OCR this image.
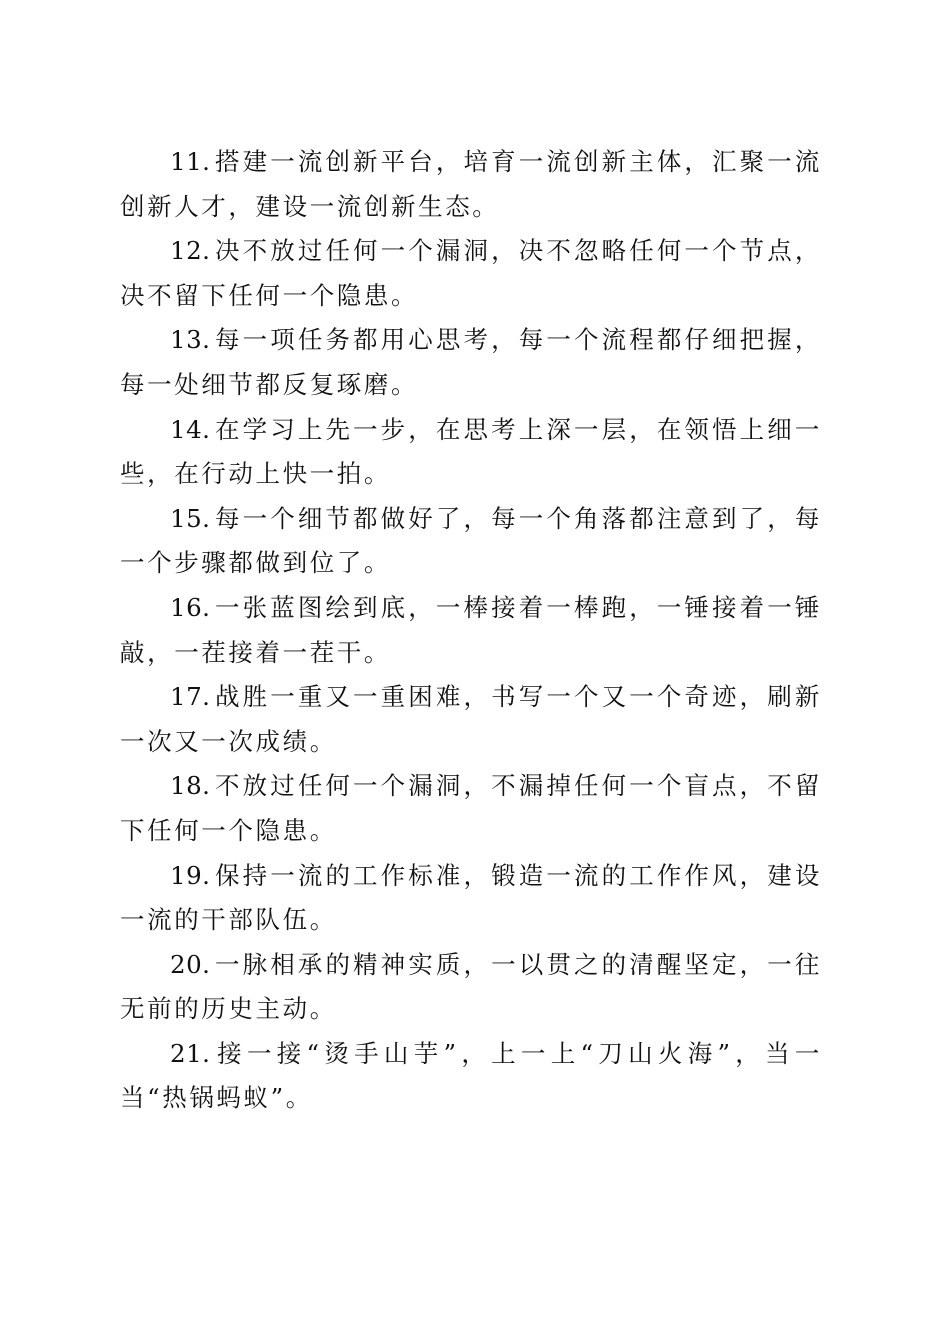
11. 搭建一流创新平台，培育一流创新主体，汇聚一流创新人才，建设一流创新生态。

12. 决不放过任何一个漏洞，决不忽略任何一个节点，决不留下任何一个隐患。

13. 每一项任务都用心思考，每一个流程都仔细把握，每一处细节都反复琢磨。

14. 在学习上先一步，在思考上深一层，在领悟上细一些，在行动上快一拍。

15. 每一个细节都做好了，每一个角落都注意到了，每一个步骤都做到位了。

16. 一张蓝图绘到底，一棒接着一棒跑，一锤接着一锤敲，一茬接着一茬干。

17. 战胜一重又一重困难，书写一个又一个奇迹，刷新一次又一次成绩。

18. 不放过任何一个漏洞，不漏掉任何一个盲点，不留下任何一个隐患。

19. 保持一流的工作标准，锻造一流的工作作风，建设一流的干部队伍。

20. 一脉相承的精神实质，一以贯之的清醒坚定，一往无前的历史主动。

21. 接一接“烫手山芋”，上一上“刀山火海”，当一当“热锅蚂蚁”。
